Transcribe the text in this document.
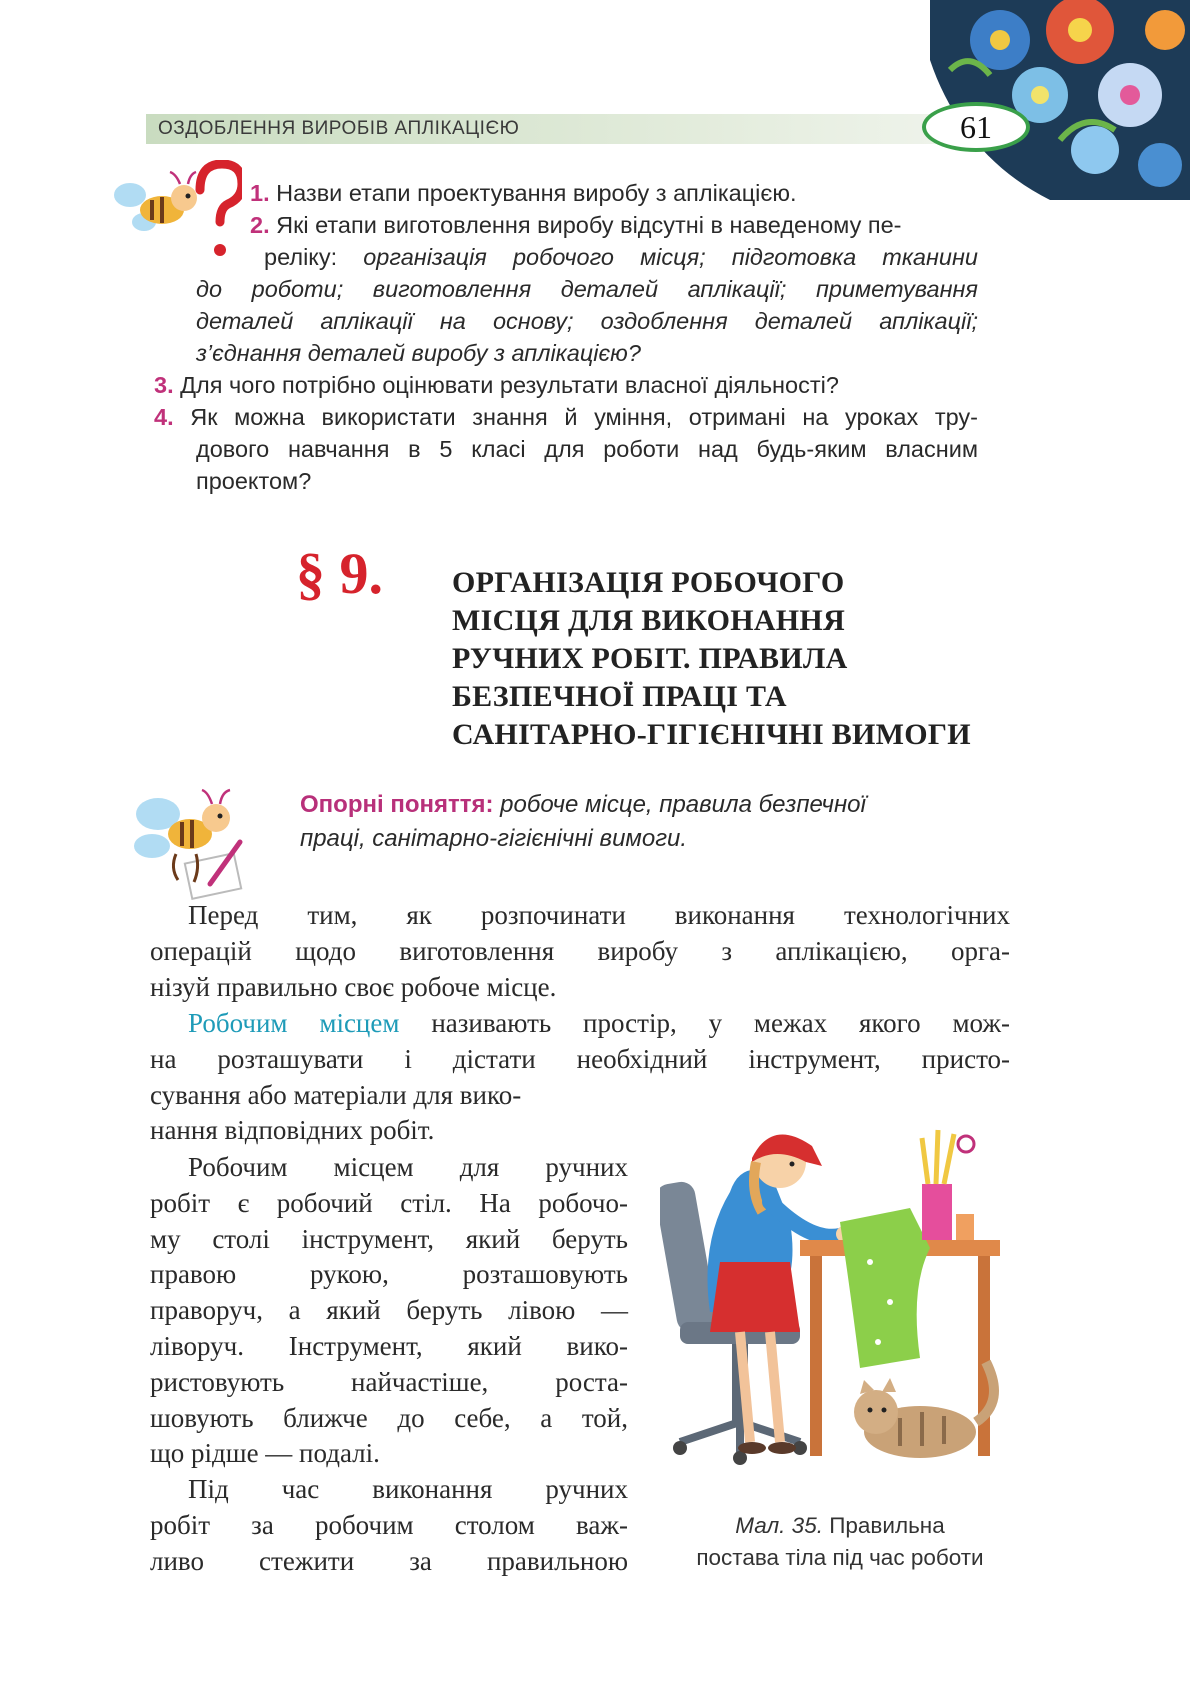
ОЗДОБЛЕННЯ ВИРОБІВ АПЛІКАЦІЄЮ	61
1. Назви етапи проектування виробу з аплікацією.
2. Які етапи виготовлення виробу відсутні в наведеному пе-
реліку: організація робочого місця; підготовка тканини
до роботи; виготовлення деталей аплікації; приметування
деталей аплікації на основу; оздоблення деталей аплікації;
з’єднання деталей виробу з аплікацією?
3. Для чого потрібно оцінювати результати власної діяльності?
4. Як можна використати знання й уміння, отримані на уроках тру-
дового навчання в 5 класі для роботи над будь-яким власним
проектом?
§ 9. ОРГАНІЗАЦІЯ РОБОЧОГО
МІСЦЯ ДЛЯ ВИКОНАННЯ
РУЧНИХ РОБІТ. ПРАВИЛА
БЕЗПЕЧНОЇ ПРАЦІ ТА
САНІТАРНО-ГІГІЄНІЧНІ ВИМОГИ
Опорні поняття: робоче місце, правила безпечної
праці, санітарно-гігієнічні вимоги.
Перед тим, як розпочинати виконання технологічних
операцій щодо виготовлення виробу з аплікацією, орга-
нізуй правильно своє робоче місце.
Робочим місцем називають простір, у межах якого мож-
на розташувати і дістати необхідний інструмент, присто-
сування або матеріали для вико-
нання відповідних робіт.
Робочим місцем для ручних
робіт є робочий стіл. На робочо-
му столі інструмент, який беруть
правою рукою, розташовують
праворуч, а який беруть лівою —
ліворуч. Інструмент, який вико-
ристовують найчастіше, роста-
шовують ближче до себе, а той,
що рідше — подалі.
Під час виконання ручних
робіт за робочим столом важ-
ливо стежити за правильною
Мал. 35. Правильна
постава тіла під час роботи
